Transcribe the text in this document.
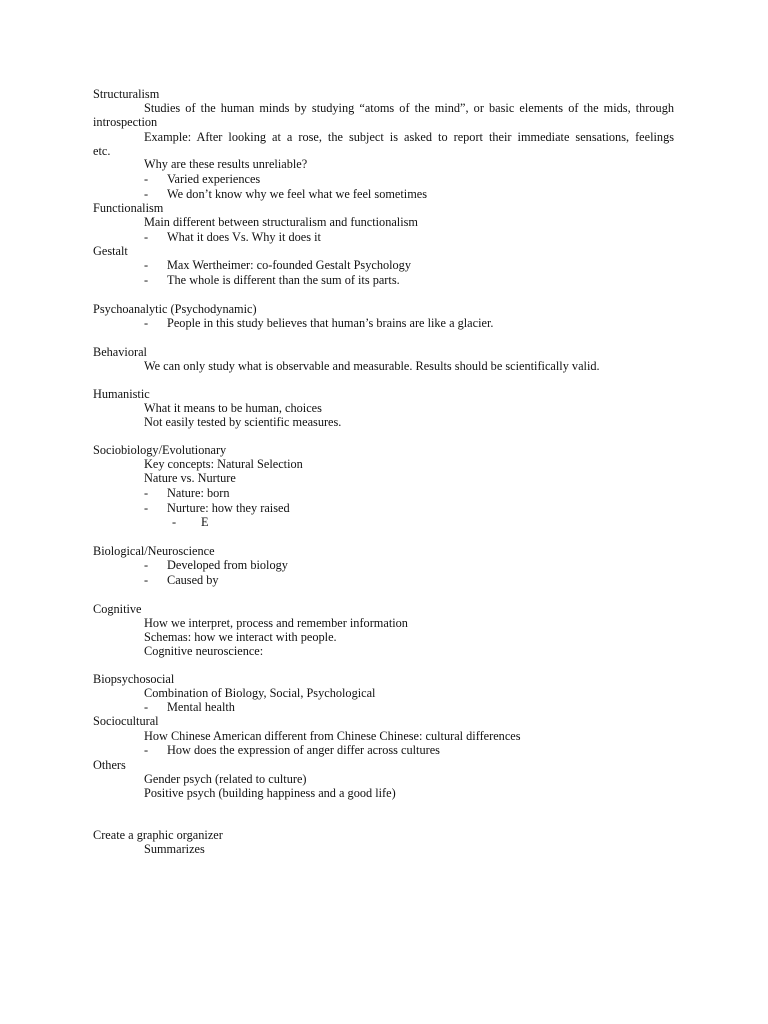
Structuralism
Studies of the human minds by studying “atoms of the mind”, or basic elements of the mids, through
introspection
Example: After looking at a rose, the subject is asked to report their immediate sensations, feelings
etc.
Why are these results unreliable?
- Varied experiences
- We don’t know why we feel what we feel sometimes
Functionalism
Main different between structuralism and functionalism
- What it does Vs. Why it does it
Gestalt
- Max Wertheimer: co-founded Gestalt Psychology
- The whole is different than the sum of its parts.
Psychoanalytic (Psychodynamic)
- People in this study believes that human’s brains are like a glacier.
Behavioral
We can only study what is observable and measurable. Results should be scientifically valid.
Humanistic
What it means to be human, choices
Not easily tested by scientific measures.
Sociobiology/Evolutionary
Key concepts: Natural Selection
Nature vs. Nurture
- Nature: born
- Nurture: how they raised
- E
Biological/Neuroscience
- Developed from biology
- Caused by
Cognitive
How we interpret, process and remember information
Schemas: how we interact with people.
Cognitive neuroscience:
Biopsychosocial
Combination of Biology, Social, Psychological
- Mental health
Sociocultural
How Chinese American different from Chinese Chinese: cultural differences
- How does the expression of anger differ across cultures
Others
Gender psych (related to culture)
Positive psych (building happiness and a good life)
Create a graphic organizer
Summarizes
